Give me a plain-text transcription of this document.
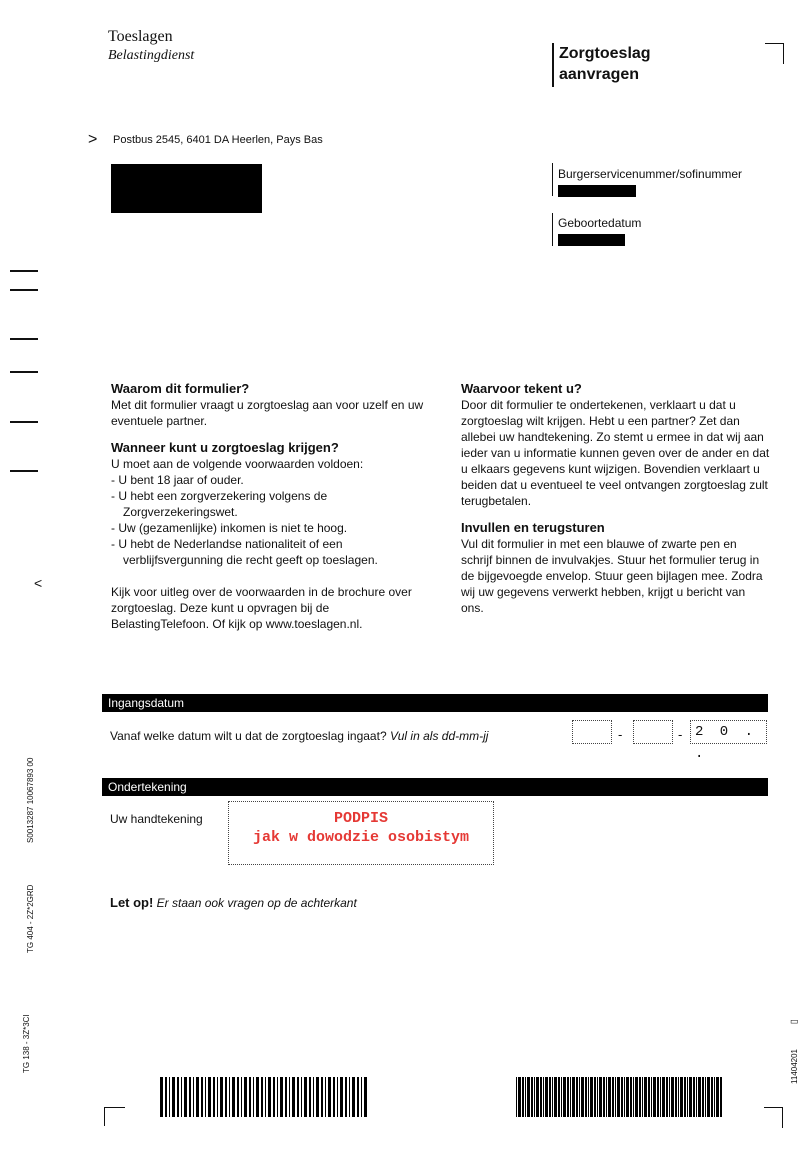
Toeslagen
Belastingdienst	Zorgtoeslag
aanvragen
> Postbus 2545, 6401 DA Heerlen, Pays Bas
Burgerservicenummer/sofinummer
Geboortedatum
<
Waarom dit formulier?

Met dit formulier vraagt u zorgtoeslag aan voor uzelf en uw eventuele partner.

Wanneer kunt u zorgtoeslag krijgen?

U moet aan de volgende voorwaarden voldoen:

- U bent 18 jaar of ouder.
- U hebt een zorgverzekering volgens de Zorgverzekeringswet.
- Uw (gezamenlijke) inkomen is niet te hoog.
- U hebt de Nederlandse nationaliteit of een verblijfsvergunning die recht geeft op toeslagen.

Kijk voor uitleg over de voorwaarden in de brochure over zorgtoeslag. Deze kunt u opvragen bij de BelastingTelefoon. Of kijk op www.toeslagen.nl.

Waarvoor tekent u?

Door dit formulier te ondertekenen, verklaart u dat u zorgtoeslag wilt krijgen. Hebt u een partner? Zet dan allebei uw handtekening. Zo stemt u ermee in dat wij aan ieder van u informatie kunnen geven over de ander en dat u elkaars gegevens kunt wijzigen. Bovendien verklaart u beiden dat u eventueel te veel ontvangen zorgtoeslag zult terugbetalen.

Invullen en terugsturen

Vul dit formulier in met een blauwe of zwarte pen en schrijf binnen de invulvakjes. Stuur het formulier terug in de bijgevoegde envelop. Stuur geen bijlagen mee. Zodra wij uw gegevens verwerkt hebben, krijgt u bericht van ons.

Ingangsdatum
Vanaf welke datum wilt u dat de zorgtoeslag ingaat? Vul in als dd-mm-jj	-	- 2 0 . .
Ondertekening
Uw handtekening	PODPIS
jak w dowodzie osobistym
Let op! Er staan ook vragen op de achterkant
S0013287 10067893 00
TG 404 - 2Z*2GRD
TG 138 - 3Z*3CI	11404201
▭
